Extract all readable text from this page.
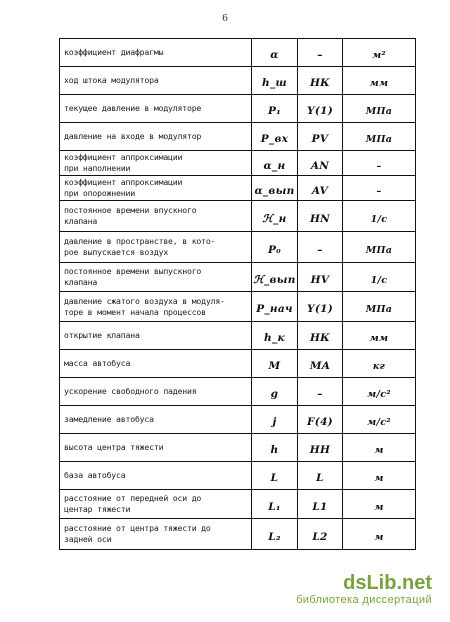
6
коэффициент диафрагмы	α	–	м²

ход штока модулятора	h_ш	НК	мм

текущее давление в модуляторе	P₁	Y(1)	МПа

давление на входе в модулятор	P_вх	PV	МПа

коэффициент аппроксимации
при наполнении	α_н	AN	–

коэффициент аппроксимации
при опорожнении	α_вып	AV	–

постоянное времени впускного
клапана	ℋ_н	HN	1/с

давление в пространстве, в кото-
рое выпускается воздух	P₀	–	МПа

постоянное времени выпускного
клапана	ℋ_вып	HV	1/с

давление сжатого воздуха в модуля-
торе в момент начала процессов	P_нач	Y(1)	МПа

открытие клапана	h_к	НК	мм

масса автобуса	M	MA	кг

ускорение свободного падения	g	–	м/с²

замедление автобуса	j	F(4)	м/с²

высота центра тяжести	h	HH	м

база автобуса	L	L	м

расстояние от передней оси до
центар тяжести	L₁	L1	м

расстояние от центра тяжести до
задней оси	L₂	L2	м
dsLib.net
библиотека диссертаций
